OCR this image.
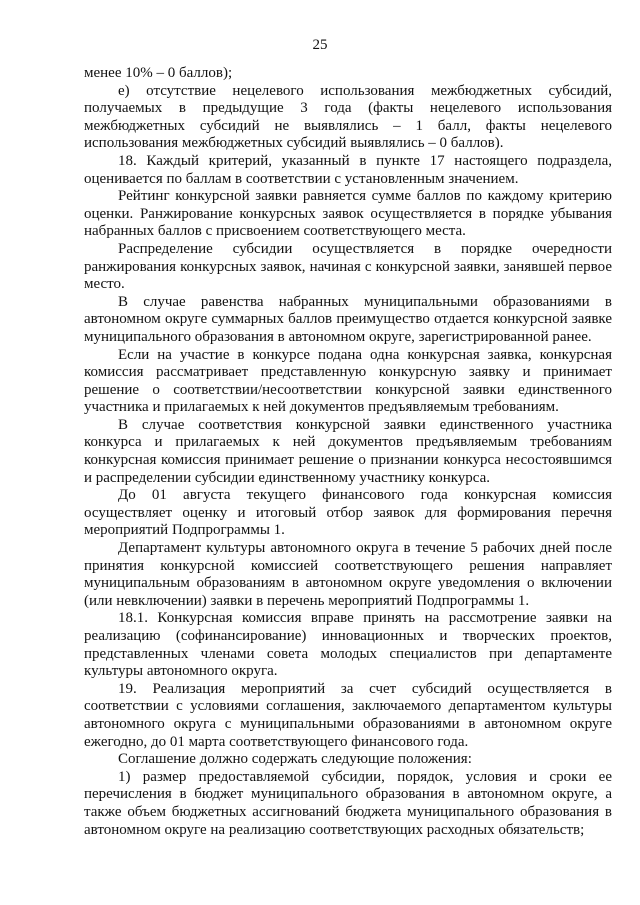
25

менее 10% – 0 баллов);

е) отсутствие нецелевого использования межбюджетных субсидий, получаемых в предыдущие 3 года (факты нецелевого использования межбюджетных субсидий не выявлялись – 1 балл, факты нецелевого использования межбюджетных субсидий выявлялись – 0 баллов).

18. Каждый критерий, указанный в пункте 17 настоящего подраздела, оценивается по баллам в соответствии с установленным значением.

Рейтинг конкурсной заявки равняется сумме баллов по каждому критерию оценки. Ранжирование конкурсных заявок осуществляется в порядке убывания набранных баллов с присвоением соответствующего места.

Распределение субсидии осуществляется в порядке очередности ранжирования конкурсных заявок, начиная с конкурсной заявки, занявшей первое место.

В случае равенства набранных муниципальными образованиями в автономном округе суммарных баллов преимущество отдается конкурсной заявке муниципального образования в автономном округе, зарегистрированной ранее.

Если на участие в конкурсе подана одна конкурсная заявка, конкурсная комиссия рассматривает представленную конкурсную заявку и принимает решение о соответствии/несоответствии конкурсной заявки единственного участника и прилагаемых к ней документов предъявляемым требованиям.

В случае соответствия конкурсной заявки единственного участника конкурса и прилагаемых к ней документов предъявляемым требованиям конкурсная комиссия принимает решение о признании конкурса несостоявшимся и распределении субсидии единственному участнику конкурса.

До 01 августа текущего финансового года конкурсная комиссия осуществляет оценку и итоговый отбор заявок для формирования перечня мероприятий Подпрограммы 1.

Департамент культуры автономного округа в течение 5 рабочих дней после принятия конкурсной комиссией соответствующего решения направляет муниципальным образованиям в автономном округе уведомления о включении (или невключении) заявки в перечень мероприятий Подпрограммы 1.

18.1. Конкурсная комиссия вправе принять на рассмотрение заявки на реализацию (софинансирование) инновационных и творческих проектов, представленных членами совета молодых специалистов при департаменте культуры автономного округа.

19. Реализация мероприятий за счет субсидий осуществляется в соответствии с условиями соглашения, заключаемого департаментом культуры автономного округа с муниципальными образованиями в автономном округе ежегодно, до 01 марта соответствующего финансового года.

Соглашение должно содержать следующие положения:

1) размер предоставляемой субсидии, порядок, условия и сроки ее перечисления в бюджет муниципального образования в автономном округе, а также объем бюджетных ассигнований бюджета муниципального образования в автономном округе на реализацию соответствующих расходных обязательств;
